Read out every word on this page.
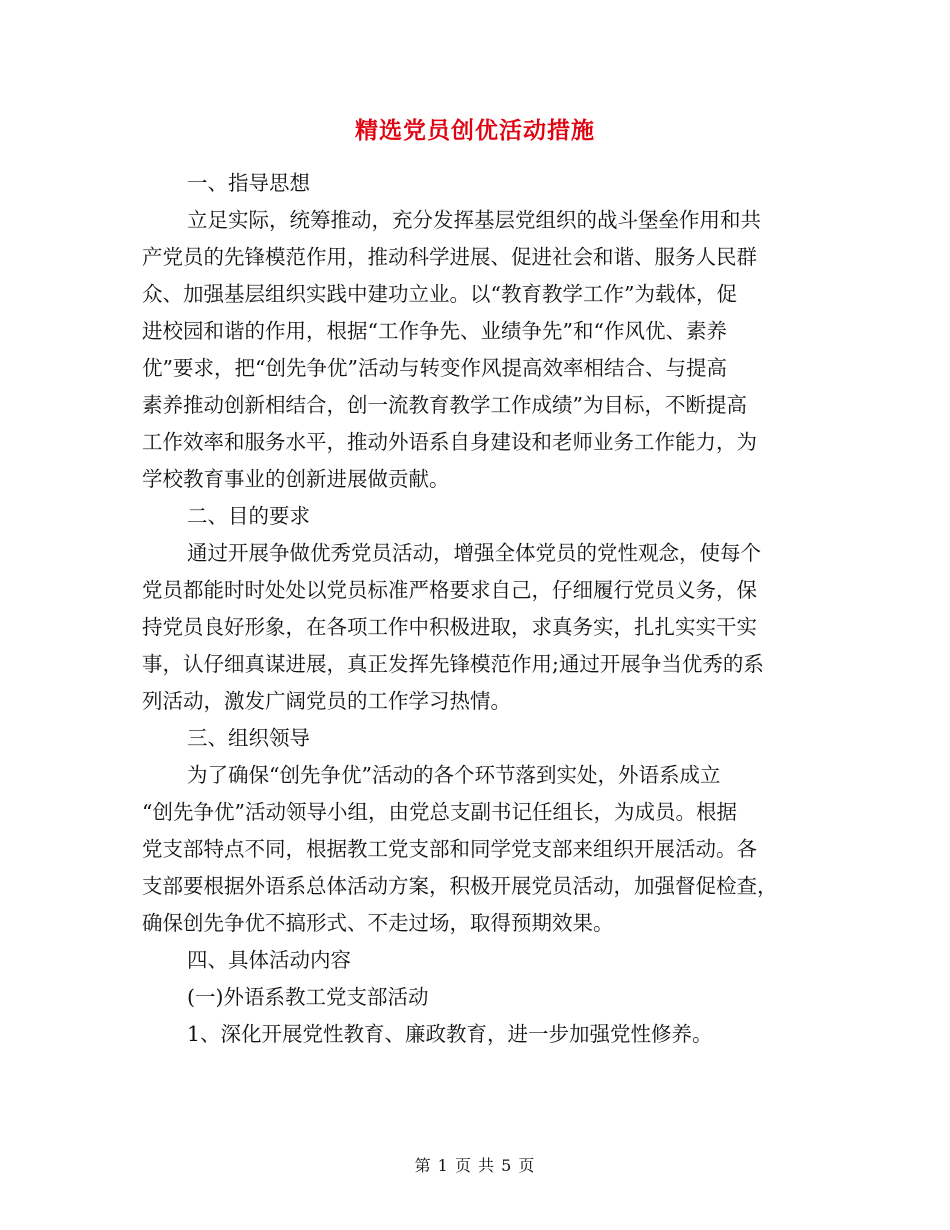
精选党员创优活动措施
一、指导思想
立足实际，统筹推动，充分发挥基层党组织的战斗堡垒作用和共
产党员的先锋模范作用，推动科学进展、促进社会和谐、服务人民群
众、加强基层组织实践中建功立业。以“教育教学工作”为载体，促
进校园和谐的作用，根据“工作争先、业绩争先”和“作风优、素养
优”要求，把“创先争优”活动与转变作风提高效率相结合、与提高
素养推动创新相结合，创一流教育教学工作成绩”为目标，不断提高
工作效率和服务水平，推动外语系自身建设和老师业务工作能力，为
学校教育事业的创新进展做贡献。
二、目的要求
通过开展争做优秀党员活动，增强全体党员的党性观念，使每个
党员都能时时处处以党员标准严格要求自己，仔细履行党员义务，保
持党员良好形象，在各项工作中积极进取，求真务实，扎扎实实干实
事，认仔细真谋进展，真正发挥先锋模范作用;通过开展争当优秀的系
列活动，激发广阔党员的工作学习热情。
三、组织领导
为了确保“创先争优”活动的各个环节落到实处，外语系成立
“创先争优”活动领导小组，由党总支副书记任组长，为成员。根据
党支部特点不同，根据教工党支部和同学党支部来组织开展活动。各
支部要根据外语系总体活动方案，积极开展党员活动，加强督促检查，
确保创先争优不搞形式、不走过场，取得预期效果。
四、具体活动内容
(一)外语系教工党支部活动
1、深化开展党性教育、廉政教育，进一步加强党性修养。
第 1 页 共 5 页
